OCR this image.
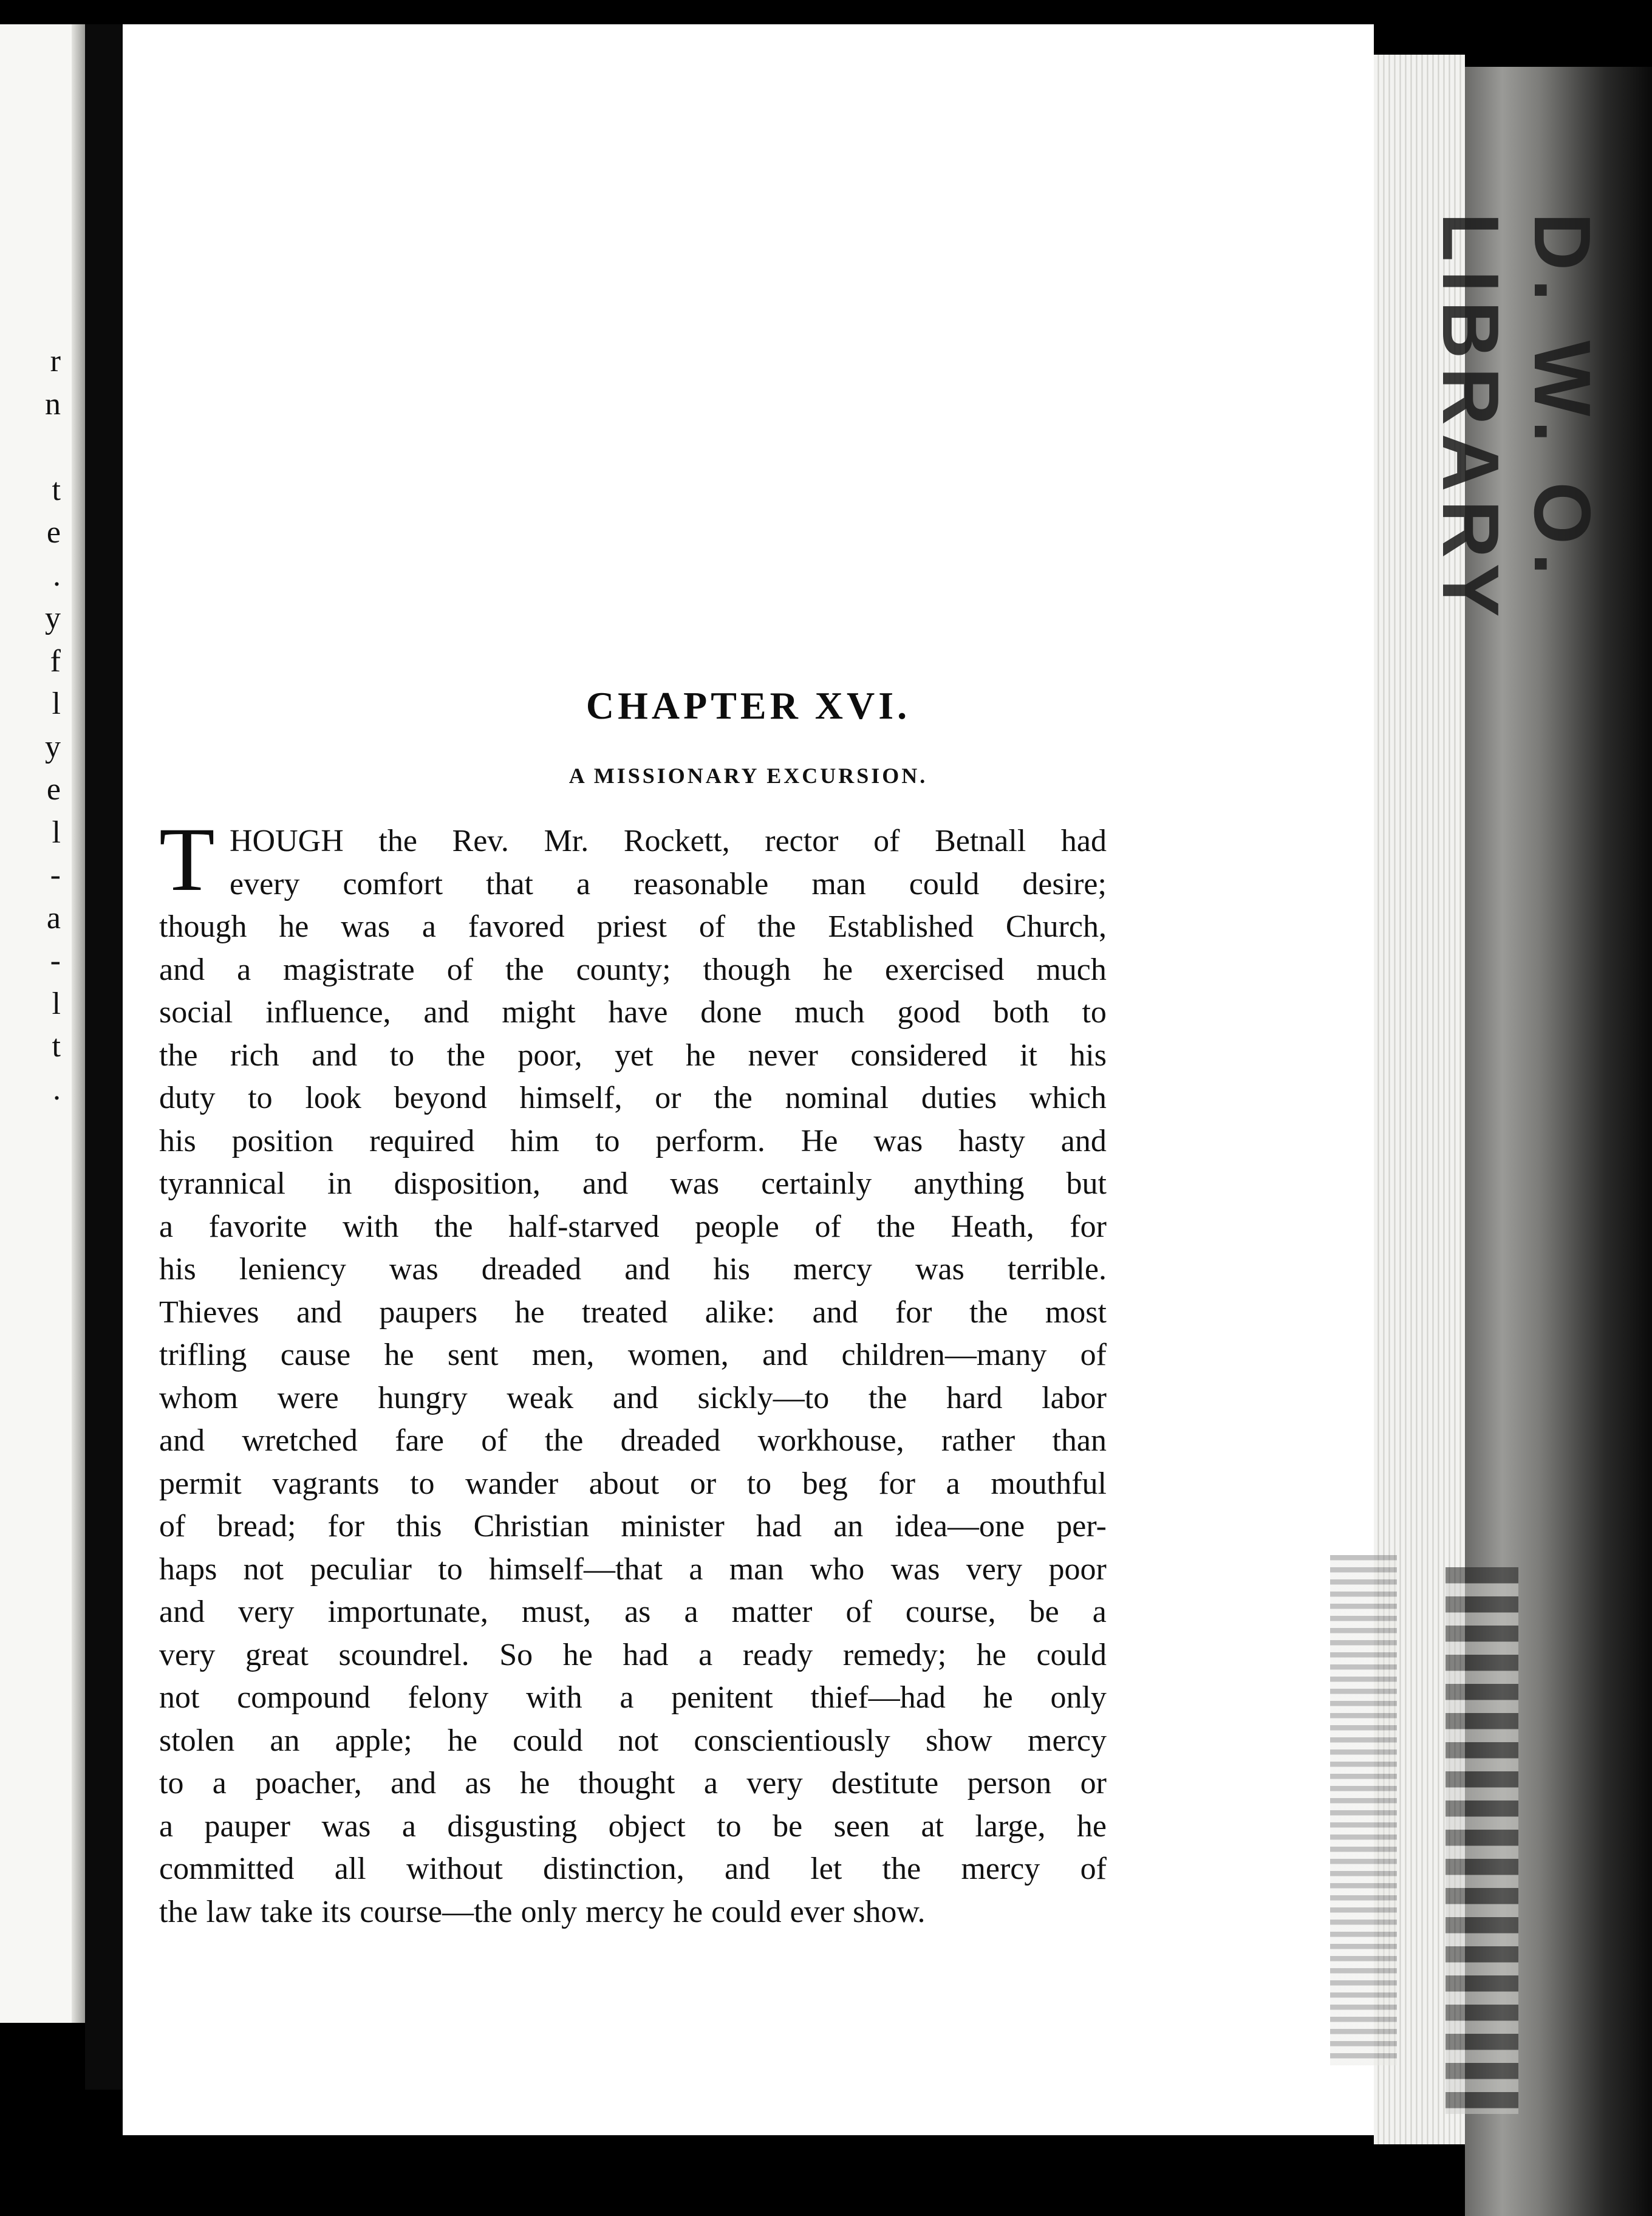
r
n
t
e
.
y
f
l
y
e
l
-
a
-
l
t
.
D. W. O. LIBRARY
CHAPTER XVI.
A MISSIONARY EXCURSION.
T HOUGH the Rev. Mr. Rockett, rector of Betnall had
every comfort that a reasonable man could desire;
though he was a favored priest of the Established Church,
and a magistrate of the county; though he exercised much
social influence, and might have done much good both to
the rich and to the poor, yet he never considered it his
duty to look beyond himself, or the nominal duties which
his position required him to perform. He was hasty and
tyrannical in disposition, and was certainly anything but
a favorite with the half-starved people of the Heath, for
his leniency was dreaded and his mercy was terrible.
Thieves and paupers he treated alike: and for the most
trifling cause he sent men, women, and children—many of
whom were hungry weak and sickly—to the hard labor
and wretched fare of the dreaded workhouse, rather than
permit vagrants to wander about or to beg for a mouthful
of bread; for this Christian minister had an idea—one per-
haps not peculiar to himself—that a man who was very poor
and very importunate, must, as a matter of course, be a
very great scoundrel. So he had a ready remedy; he could
not compound felony with a penitent thief—had he only
stolen an apple; he could not conscientiously show mercy
to a poacher, and as he thought a very destitute person or
a pauper was a disgusting object to be seen at large, he
committed all without distinction, and let the mercy of
the law take its course—the only mercy he could ever show.
